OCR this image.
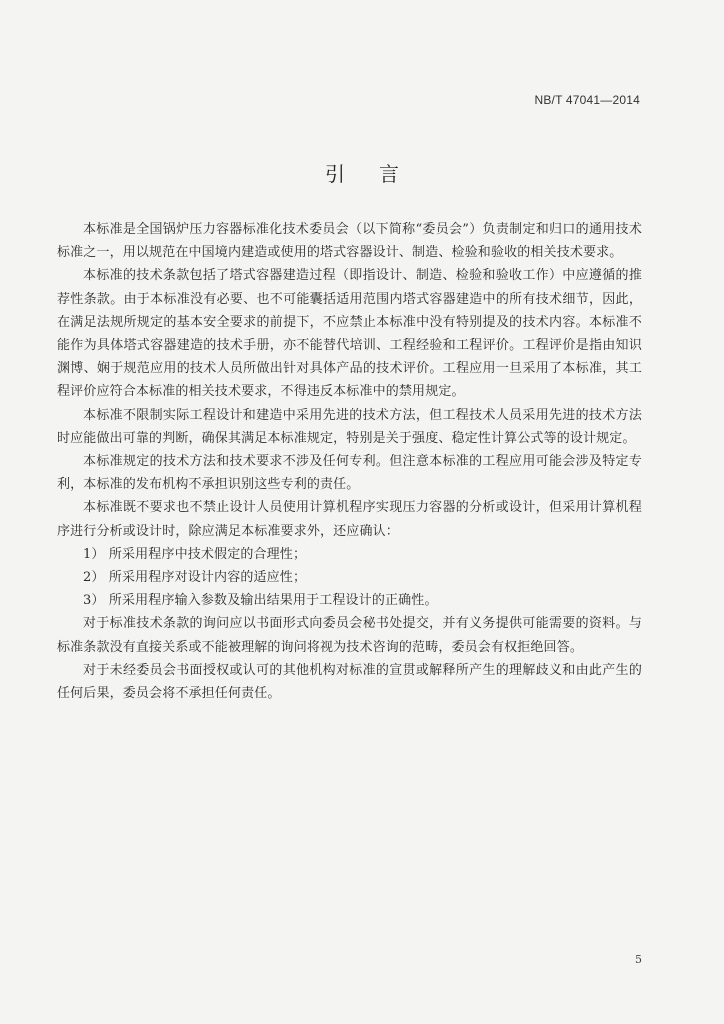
NB/T 47041—2014
引言

本标准是全国锅炉压力容器标准化技术委员会（以下简称“委员会”）负责制定和归口的通用技术标准之一，用以规范在中国境内建造或使用的塔式容器设计、制造、检验和验收的相关技术要求。

本标准的技术条款包括了塔式容器建造过程（即指设计、制造、检验和验收工作）中应遵循的推荐性条款。由于本标准没有必要、也不可能囊括适用范围内塔式容器建造中的所有技术细节，因此，在满足法规所规定的基本安全要求的前提下，不应禁止本标准中没有特别提及的技术内容。本标准不能作为具体塔式容器建造的技术手册，亦不能替代培训、工程经验和工程评价。工程评价是指由知识渊博、娴于规范应用的技术人员所做出针对具体产品的技术评价。工程应用一旦采用了本标准，其工程评价应符合本标准的相关技术要求，不得违反本标准中的禁用规定。

本标准不限制实际工程设计和建造中采用先进的技术方法，但工程技术人员采用先进的技术方法时应能做出可靠的判断，确保其满足本标准规定，特别是关于强度、稳定性计算公式等的设计规定。

本标准规定的技术方法和技术要求不涉及任何专利。但注意本标准的工程应用可能会涉及特定专利，本标准的发布机构不承担识别这些专利的责任。

本标准既不要求也不禁止设计人员使用计算机程序实现压力容器的分析或设计，但采用计算机程序进行分析或设计时，除应满足本标准要求外，还应确认：

1） 所采用程序中技术假定的合理性；

2） 所采用程序对设计内容的适应性；

3） 所采用程序输入参数及输出结果用于工程设计的正确性。

对于标准技术条款的询问应以书面形式向委员会秘书处提交，并有义务提供可能需要的资料。与标准条款没有直接关系或不能被理解的询问将视为技术咨询的范畴，委员会有权拒绝回答。

对于未经委员会书面授权或认可的其他机构对标准的宣贯或解释所产生的理解歧义和由此产生的任何后果，委员会将不承担任何责任。

5
